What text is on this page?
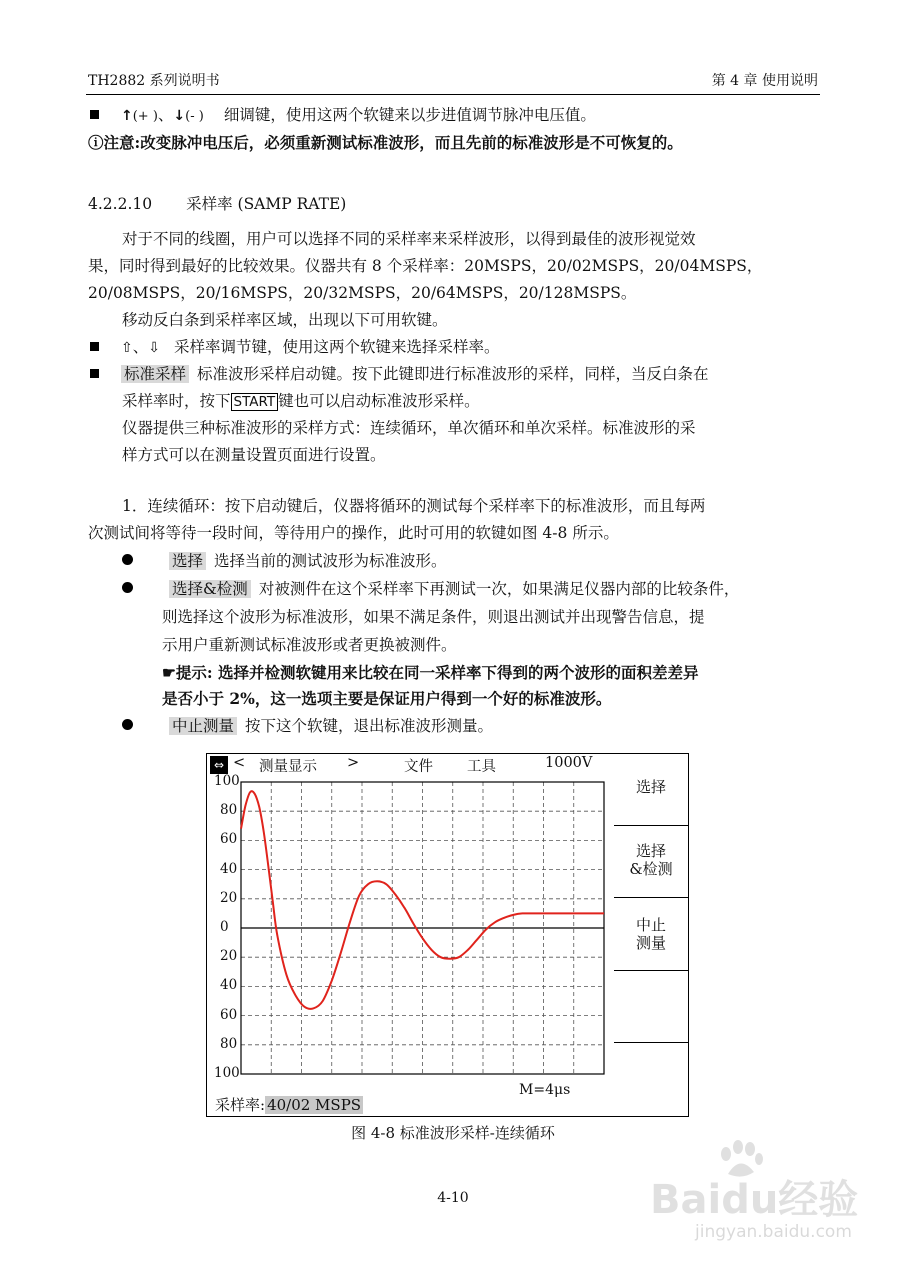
TH2882 系列说明书	第 4 章 使用说明
↑(+ )、↓(- ) 细调键，使用这两个软键来以步进值调节脉冲电压值。
ⓘ注意:改变脉冲电压后，必须重新测试标准波形，而且先前的标准波形是不可恢复的。
4.2.2.10 采样率 (SAMP RATE)
对于不同的线圈，用户可以选择不同的采样率来采样波形，以得到最佳的波形视觉效
果，同时得到最好的比较效果。仪器共有 8 个采样率：20MSPS，20/02MSPS，20/04MSPS，
20/08MSPS，20/16MSPS，20/32MSPS，20/64MSPS，20/128MSPS。
移动反白条到采样率区域，出现以下可用软键。
⇧、⇩ 采样率调节键，使用这两个软键来选择采样率。
标准采样 标准波形采样启动键。按下此键即进行标准波形的采样，同样，当反白条在
采样率时，按下 START 键也可以启动标准波形采样。
仪器提供三种标准波形的采样方式：连续循环，单次循环和单次采样。标准波形的采
样方式可以在测量设置页面进行设置。
1．连续循环：按下启动键后，仪器将循环的测试每个采样率下的标准波形，而且每两
次测试间将等待一段时间，等待用户的操作，此时可用的软键如图 4-8 所示。
选择 选择当前的测试波形为标准波形。
选择&检测 对被测件在这个采样率下再测试一次，如果满足仪器内部的比较条件，
则选择这个波形为标准波形，如果不满足条件，则退出测试并出现警告信息，提
示用户重新测试标准波形或者更换被测件。
☛提示: 选择并检测软键用来比较在同一采样率下得到的两个波形的面积差差异
是否小于 2%，这一选项主要是保证用户得到一个好的标准波形。
中止测量 按下这个软键，退出标准波形测量。
⇔ < 测量显示 >	文件 工具	1000V
100
80
60
40
20
0
20
40
60
80
100
选择
选择
&检测
中止
测量
M=4μs
采样率: 40/02 MSPS
图 4-8 标准波形采样-连续循环
4-10	Baidu经验
jingyan.baidu.com
